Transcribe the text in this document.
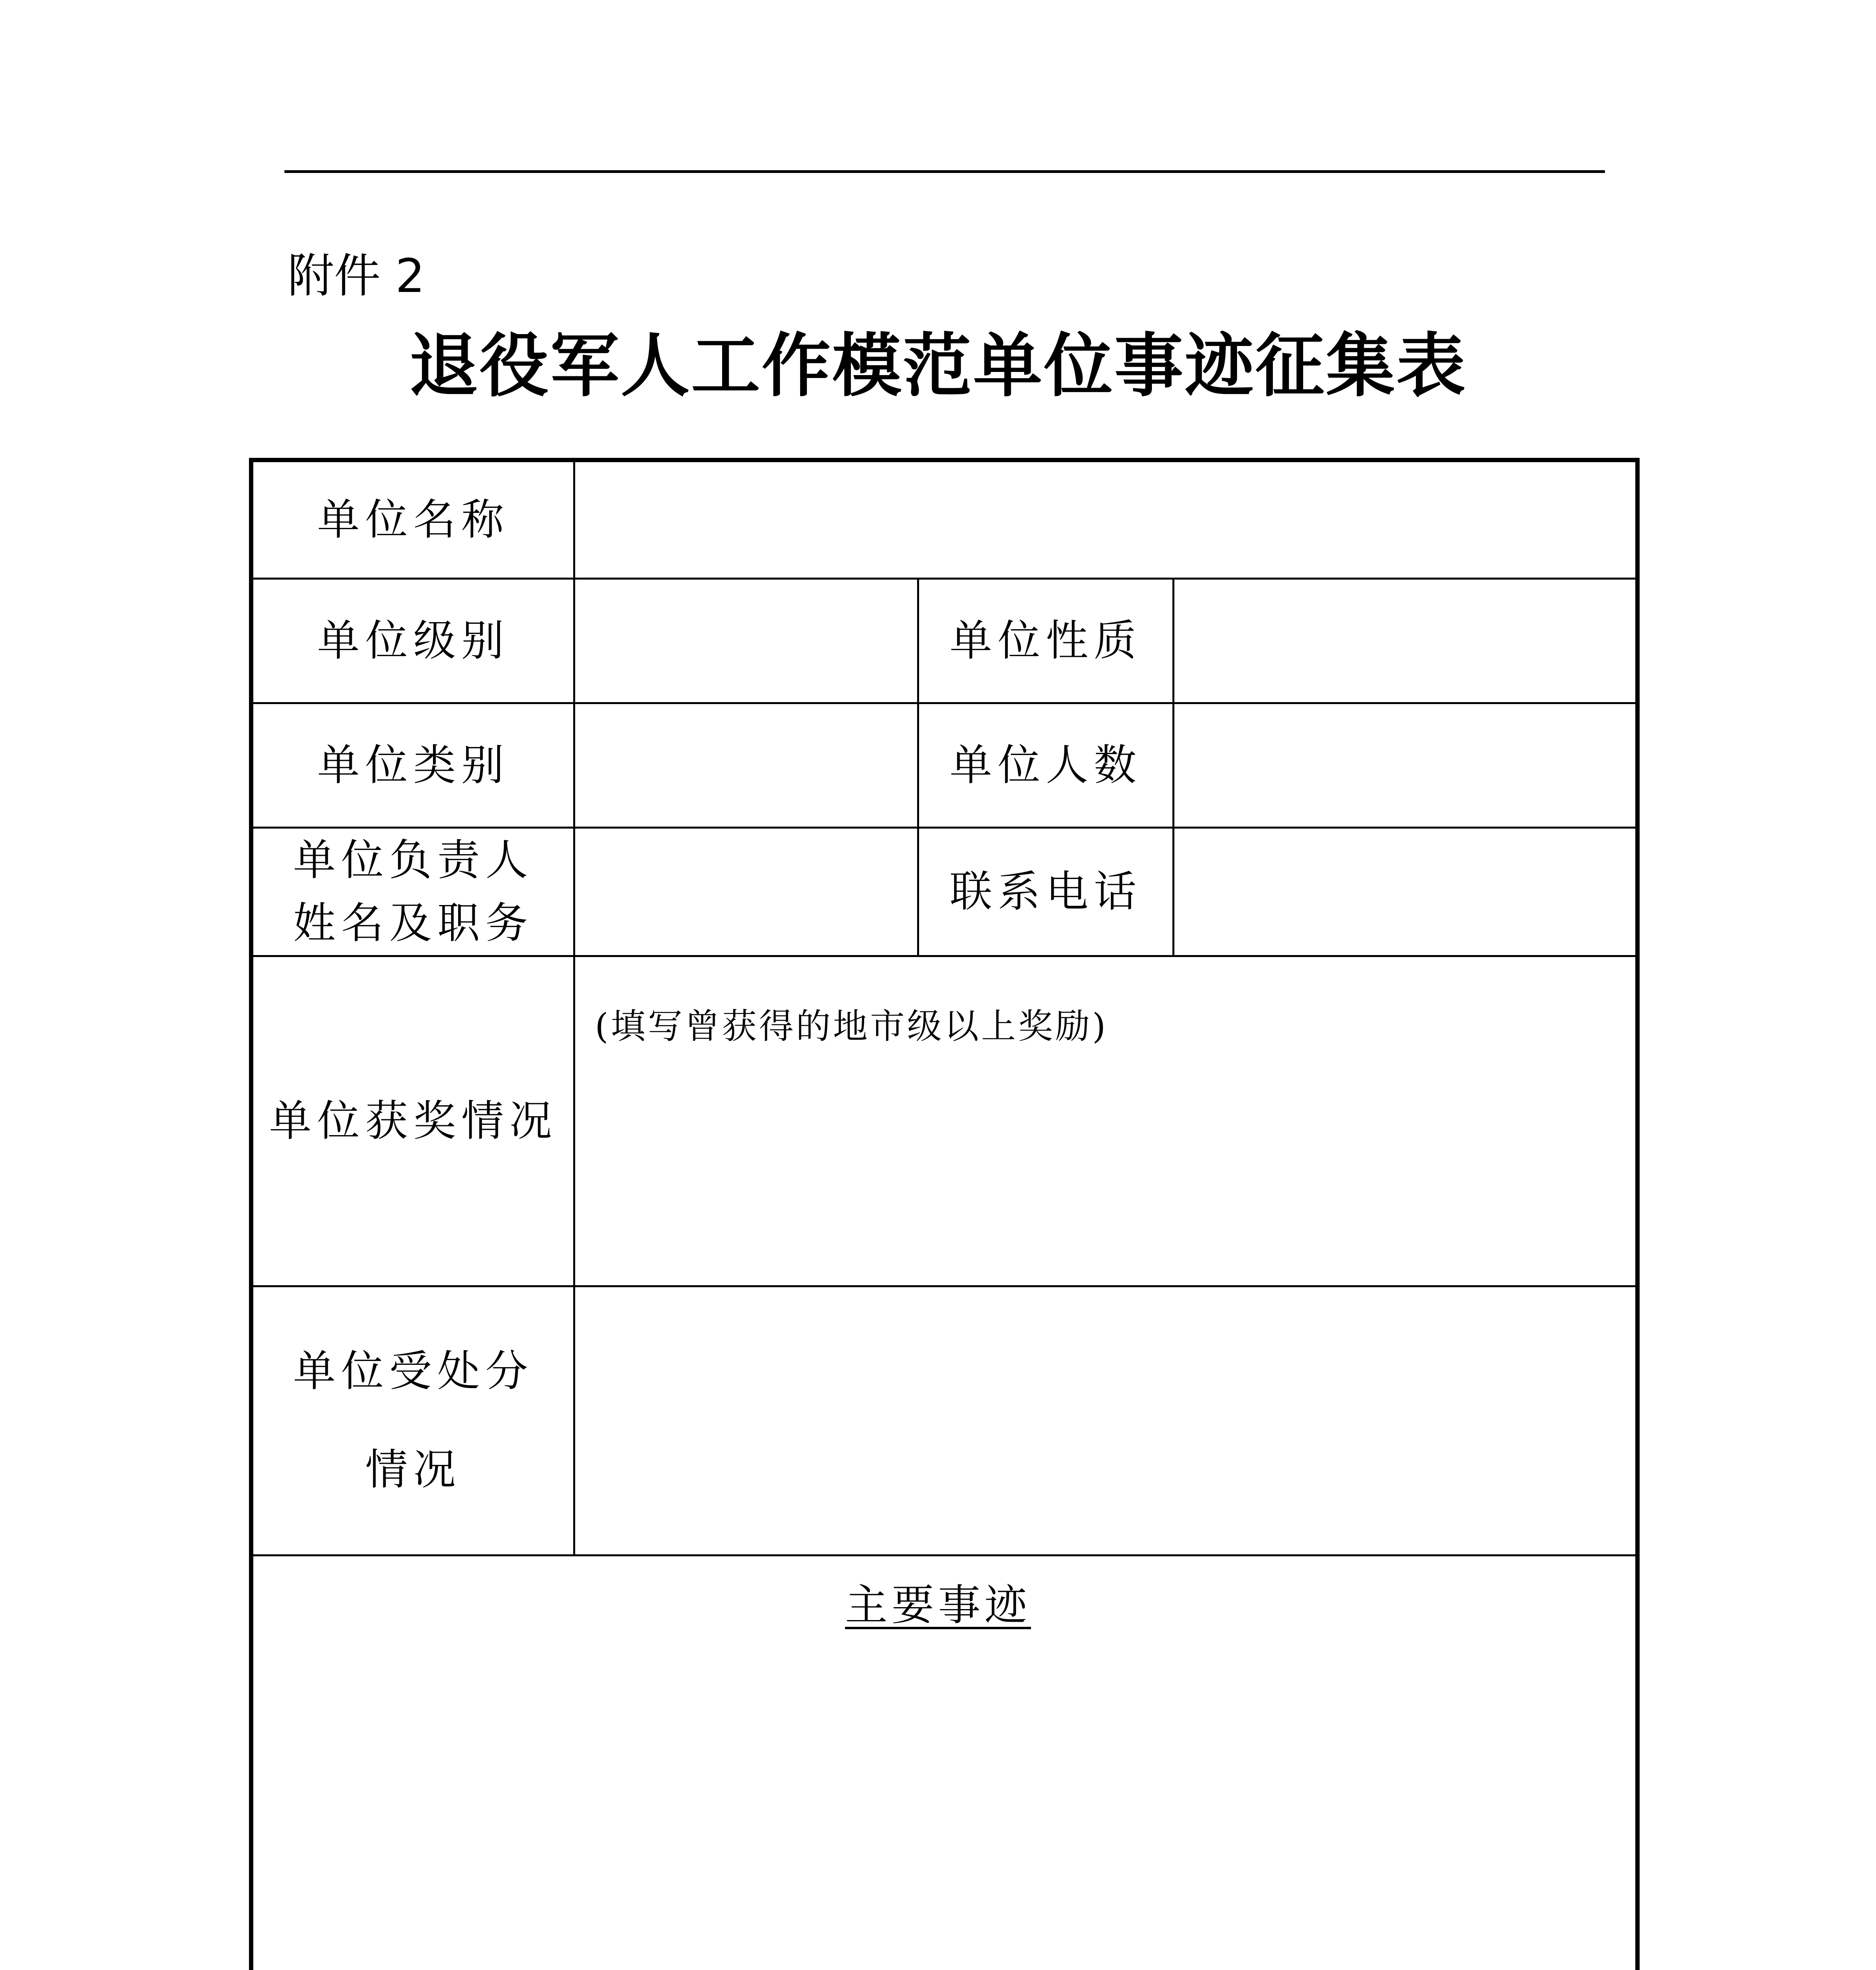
附件 2
退役军人工作模范单位事迹征集表
单位名称
单位级别	单位性质
单位类别	单位人数
单位负责人
姓名及职务
联系电话
单位获奖情况
(填写曾获得的地市级以上奖励)
单位受处分
情况
主要事迹
